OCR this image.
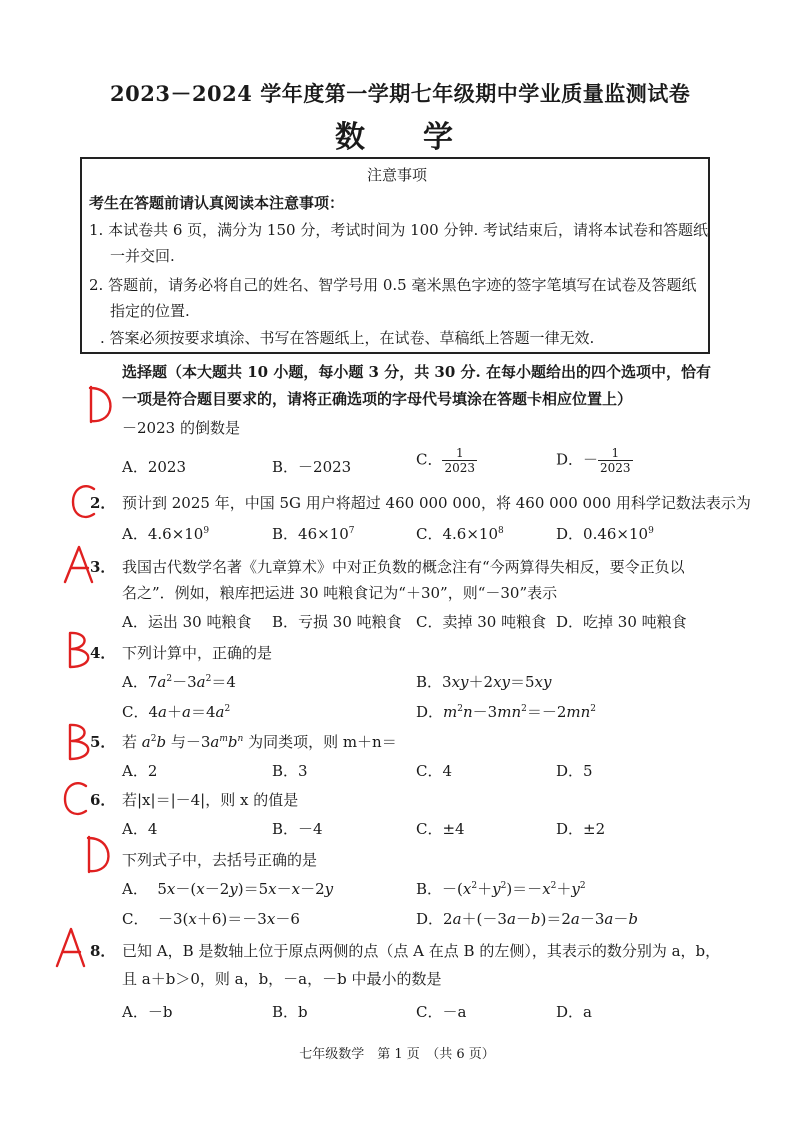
2023－2024 学年度第一学期七年级期中学业质量监测试卷
数学
注意事项
考生在答题前请认真阅读本注意事项：
1. 本试卷共 6 页，满分为 150 分，考试时间为 100 分钟. 考试结束后，请将本试卷和答题纸
一并交回.
2. 答题前，请务必将自己的姓名、智学号用 0.5 毫米黑色字迹的签字笔填写在试卷及答题纸
指定的位置.
. 答案必须按要求填涂、书写在答题纸上，在试卷、草稿纸上答题一律无效.
选择题（本大题共 10 小题，每小题 3 分，共 30 分. 在每小题给出的四个选项中，恰有
一项是符合题目要求的，请将正确选项的字母代号填涂在答题卡相应位置上）
－2023 的倒数是
A．2023	B．－2023	C． $\frac{1}{2023}$	D．－ $\frac{1}{2023}$
2． 预计到 2025 年，中国 5G 用户将超过 460 000 000，将 460 000 000 用科学记数法表示为
A．$4.6\times 10^9$	B．$46\times 10^7$	C．$4.6\times 10^8$	D．$0.46\times 10^9$
3． 我国古代数学名著《九章算术》中对正负数的概念注有“今两算得失相反，要令正负以
名之”．例如，粮库把运进 30 吨粮食记为“＋30”，则“－30”表示
A．运出 30 吨粮食 B．亏损 30 吨粮食 C．卖掉 30 吨粮食 D．吃掉 30 吨粮食
4． 下列计算中，正确的是
A．$7a^2-3a^2=4$	B．3xy＋2xy＝5xy
C．$4a+a=4a^2$	D．$m^2n-3mn^2=-2mn^2$
5． 若 $a^2b$ 与$-3a^mb^n$ 为同类项，则 m＋n＝
A．2	B．3	C．4	D．5
6． 若|x|＝|－4|，则 x 的值是
A．4	B．－4	C．±4	D．±2
下列式子中，去括号正确的是
A．  5x－(x－2y)＝5x－x－2y	B．$-(x^2+y^2)=-x^2+y^2$
C．  －3(x＋6)＝－3x－6	D．2a＋(－3a－b)＝2a－3a－b
8． 已知 A，B 是数轴上位于原点两侧的点（点 A 在点 B 的左侧），其表示的数分别为 a，b，
且 a＋b＞0，则 a，b，－a，－b 中最小的数是
A．－b	B．b	C．－a	D．a
七年级数学　第 1 页　（共 6 页）
